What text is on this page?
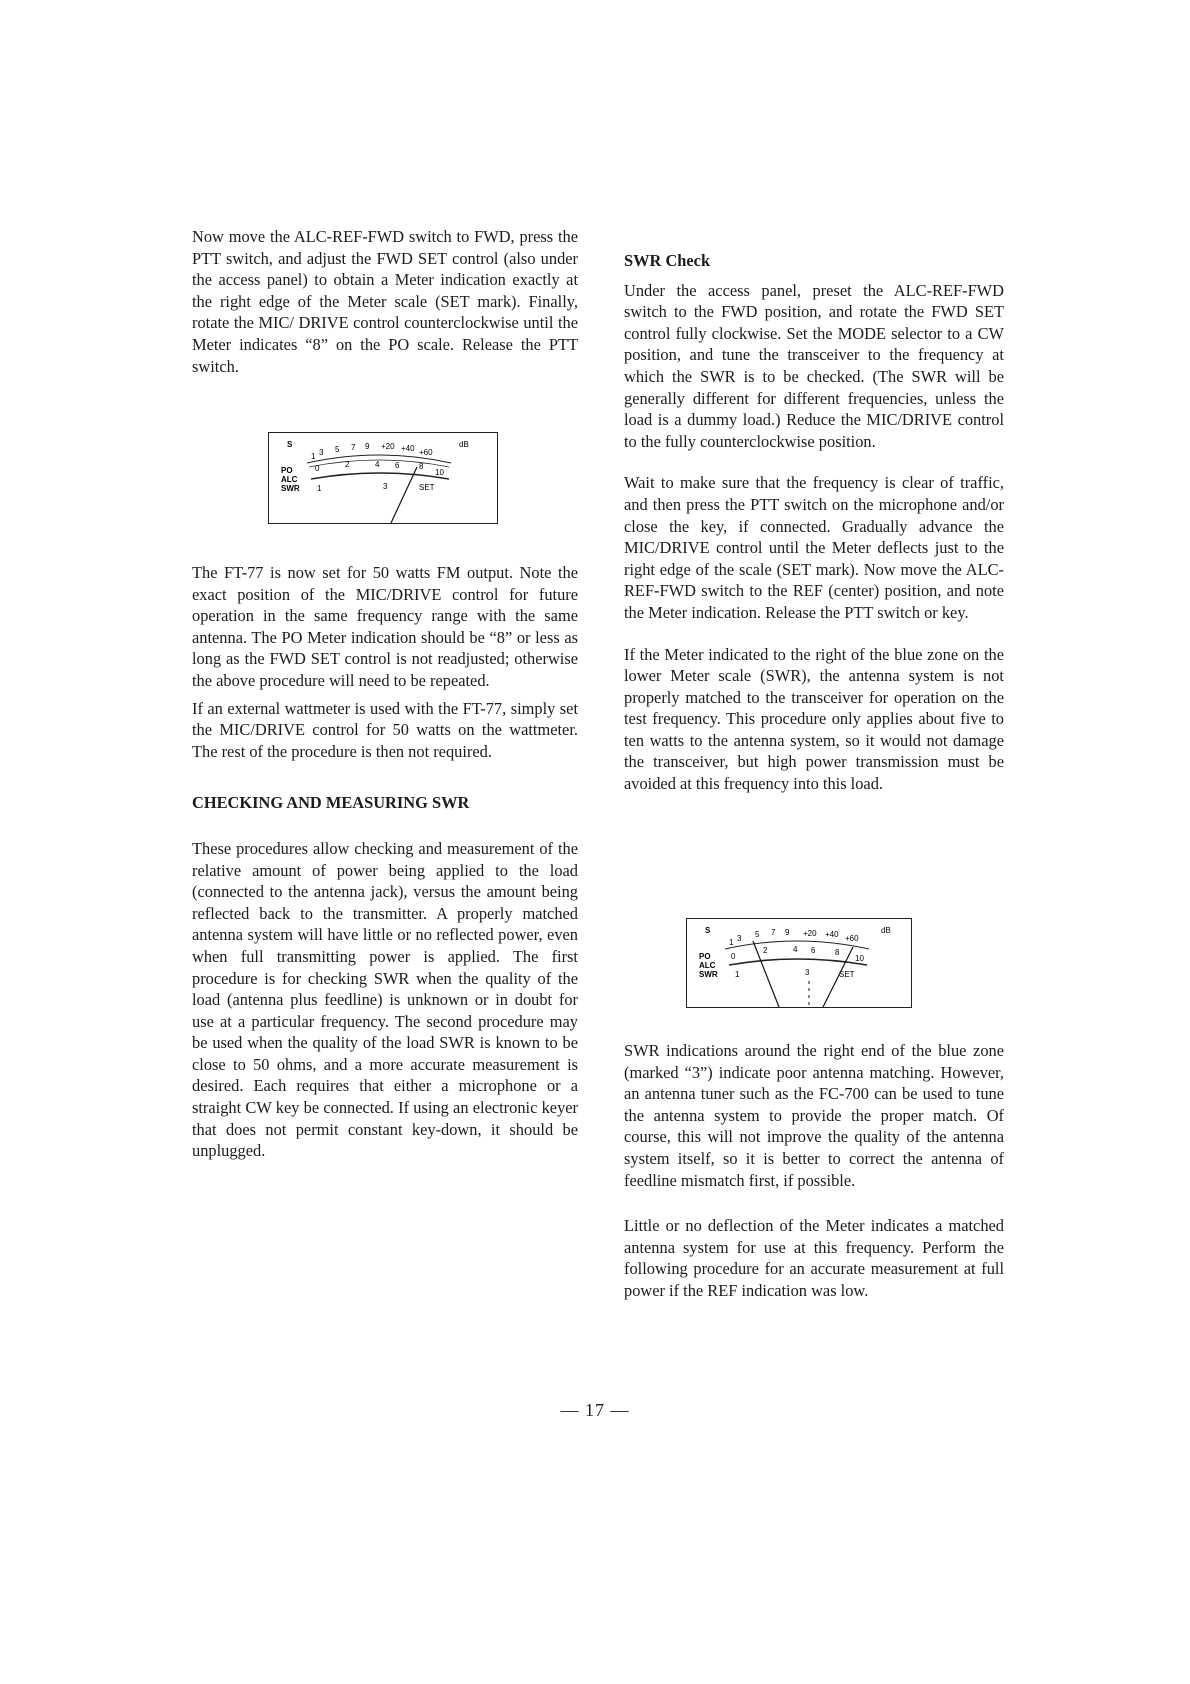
Now move the ALC-REF-FWD switch to FWD, press the PTT switch, and adjust the FWD SET control (also under the access panel) to obtain a Meter indication exactly at the right edge of the Meter scale (SET mark). Finally, rotate the MIC/ DRIVE control counterclockwise until the Meter indicates “8” on the PO scale. Release the PTT switch.

S
1 3 5 7 9 +20 +40 +60
dB
PO	0	2	4 6 8
10
ALC
SWR 1	3	SET

The FT-77 is now set for 50 watts FM output. Note the exact position of the MIC/DRIVE control for future operation in the same frequency range with the same antenna. The PO Meter indication should be “8” or less as long as the FWD SET control is not readjusted; otherwise the above procedure will need to be repeated.

If an external wattmeter is used with the FT-77, simply set the MIC/DRIVE control for 50 watts on the wattmeter. The rest of the procedure is then not required.

CHECKING AND MEASURING SWR

These procedures allow checking and measurement of the relative amount of power being applied to the load (connected to the antenna jack), versus the amount being reflected back to the transmitter. A properly matched antenna system will have little or no reflected power, even when full transmitting power is applied. The first procedure is for checking SWR when the quality of the load (antenna plus feedline) is unknown or in doubt for use at a particular frequency. The second procedure may be used when the quality of the load SWR is known to be close to 50 ohms, and a more accurate measurement is desired. Each requires that either a microphone or a straight CW key be connected. If using an electronic keyer that does not permit constant key-down, it should be unplugged.

SWR Check

Under the access panel, preset the ALC-REF-FWD switch to the FWD position, and rotate the FWD SET control fully clockwise. Set the MODE selector to a CW position, and tune the transceiver to the frequency at which the SWR is to be checked. (The SWR will be generally different for different frequencies, unless the load is a dummy load.) Reduce the MIC/DRIVE control to the fully counterclockwise position.

Wait to make sure that the frequency is clear of traffic, and then press the PTT switch on the microphone and/or close the key, if connected. Gradually advance the MIC/DRIVE control until the Meter deflects just to the right edge of the scale (SET mark). Now move the ALC-REF-FWD switch to the REF (center) position, and note the Meter indication. Release the PTT switch or key.

If the Meter indicated to the right of the blue zone on the lower Meter scale (SWR), the antenna system is not properly matched to the transceiver for operation on the test frequency. This procedure only applies about five to ten watts to the antenna system, so it would not damage the transceiver, but high power transmission must be avoided at this frequency into this load.

S
1 3 5 7 9 +20 +40 +60
dB
PO	0
2	4 6 8
10
ALC
SWR 1	3	SET

SWR indications around the right end of the blue zone (marked “3”) indicate poor antenna matching. However, an antenna tuner such as the FC-700 can be used to tune the antenna system to provide the proper match. Of course, this will not improve the quality of the antenna system itself, so it is better to correct the antenna of feedline mismatch first, if possible.

Little or no deflection of the Meter indicates a matched antenna system for use at this frequency. Perform the following procedure for an accurate measurement at full power if the REF indication was low.

— 17 —
